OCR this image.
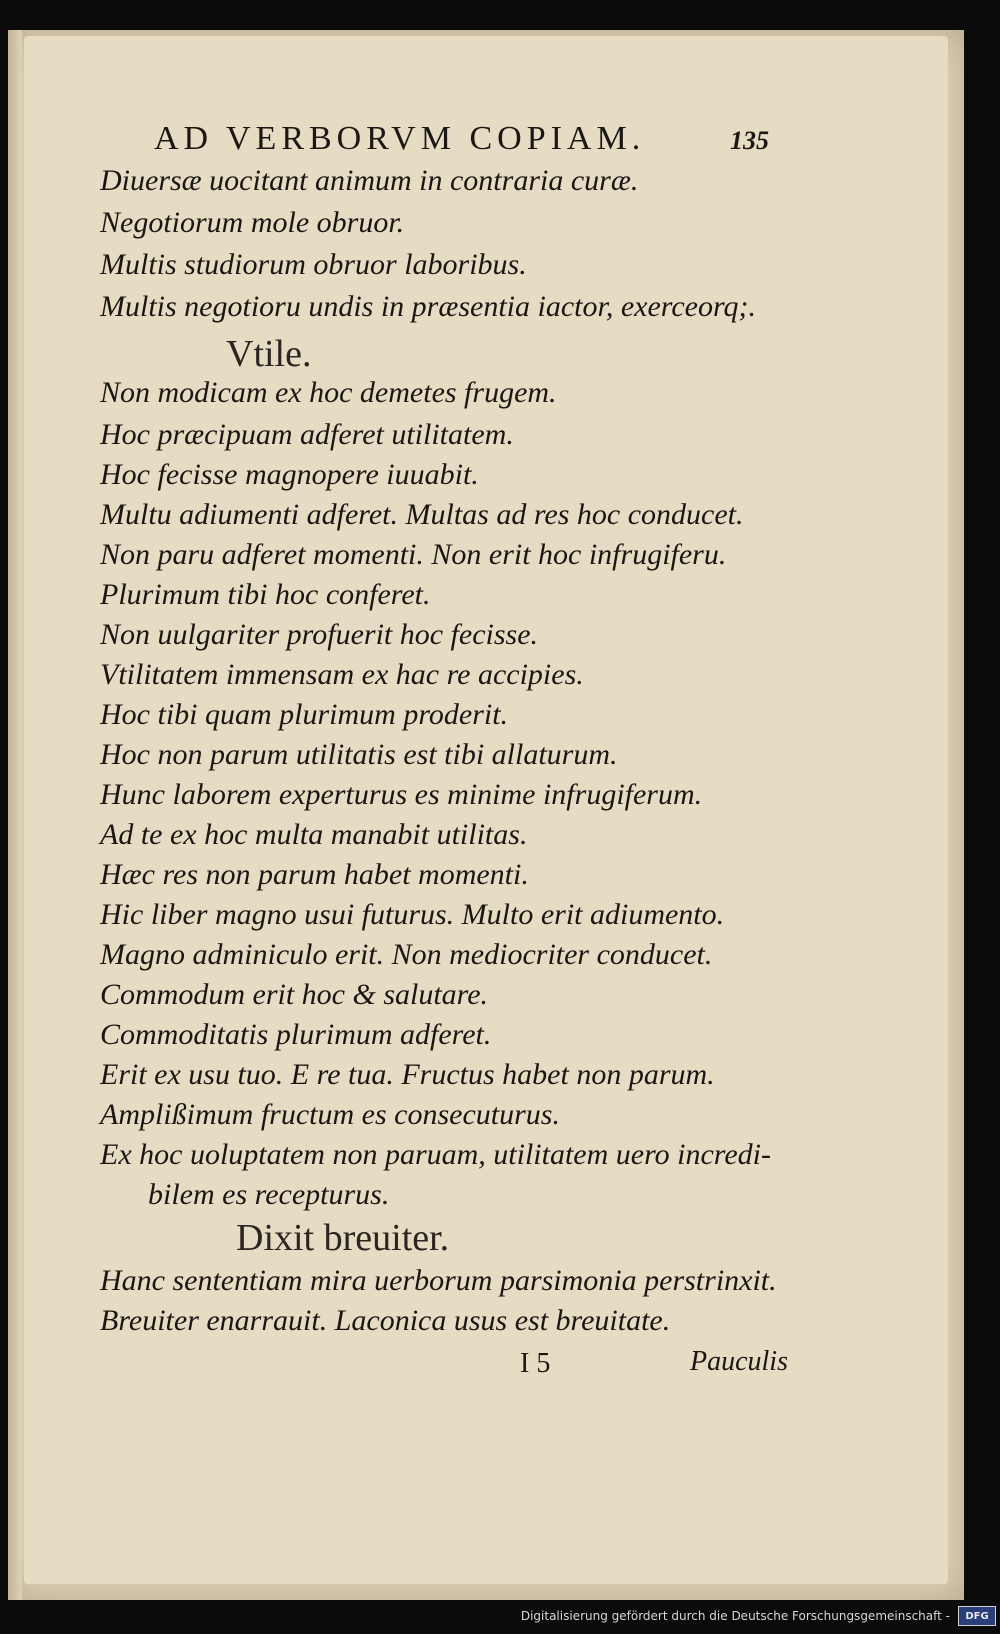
AD VERBORVM COPIAM.	135
Diuersæ uocitant animum in contraria curæ.
Negotiorum mole obruor.
Multis studiorum obruor laboribus.
Multis negotioru undis in præsentia iactor, exerceorq;.
Vtile.
Non modicam ex hoc demetes frugem.
Hoc præcipuam adferet utilitatem.
Hoc fecisse magnopere iuuabit.
Multu adiumenti adferet. Multas ad res hoc conducet.
Non paru adferet momenti. Non erit hoc infrugiferu.
Plurimum tibi hoc conferet.
Non uulgariter profuerit hoc fecisse.
Vtilitatem immensam ex hac re accipies.
Hoc tibi quam plurimum proderit.
Hoc non parum utilitatis est tibi allaturum.
Hunc laborem experturus es minime infrugiferum.
Ad te ex hoc multa manabit utilitas.
Hæc res non parum habet momenti.
Hic liber magno usui futurus. Multo erit adiumento.
Magno adminiculo erit. Non mediocriter conducet.
Commodum erit hoc & salutare.
Commoditatis plurimum adferet.
Erit ex usu tuo. E re tua. Fructus habet non parum.
Amplißimum fructum es consecuturus.
Ex hoc uoluptatem non paruam, utilitatem uero incredi-
bilem es recepturus.
Dixit breuiter.
Hanc sententiam mira uerborum parsimonia perstrinxit.
Breuiter enarrauit. Laconica usus est breuitate.
I 5	Pauculis
Digitalisierung gefördert durch die Deutsche Forschungsgemeinschaft -	DFG
